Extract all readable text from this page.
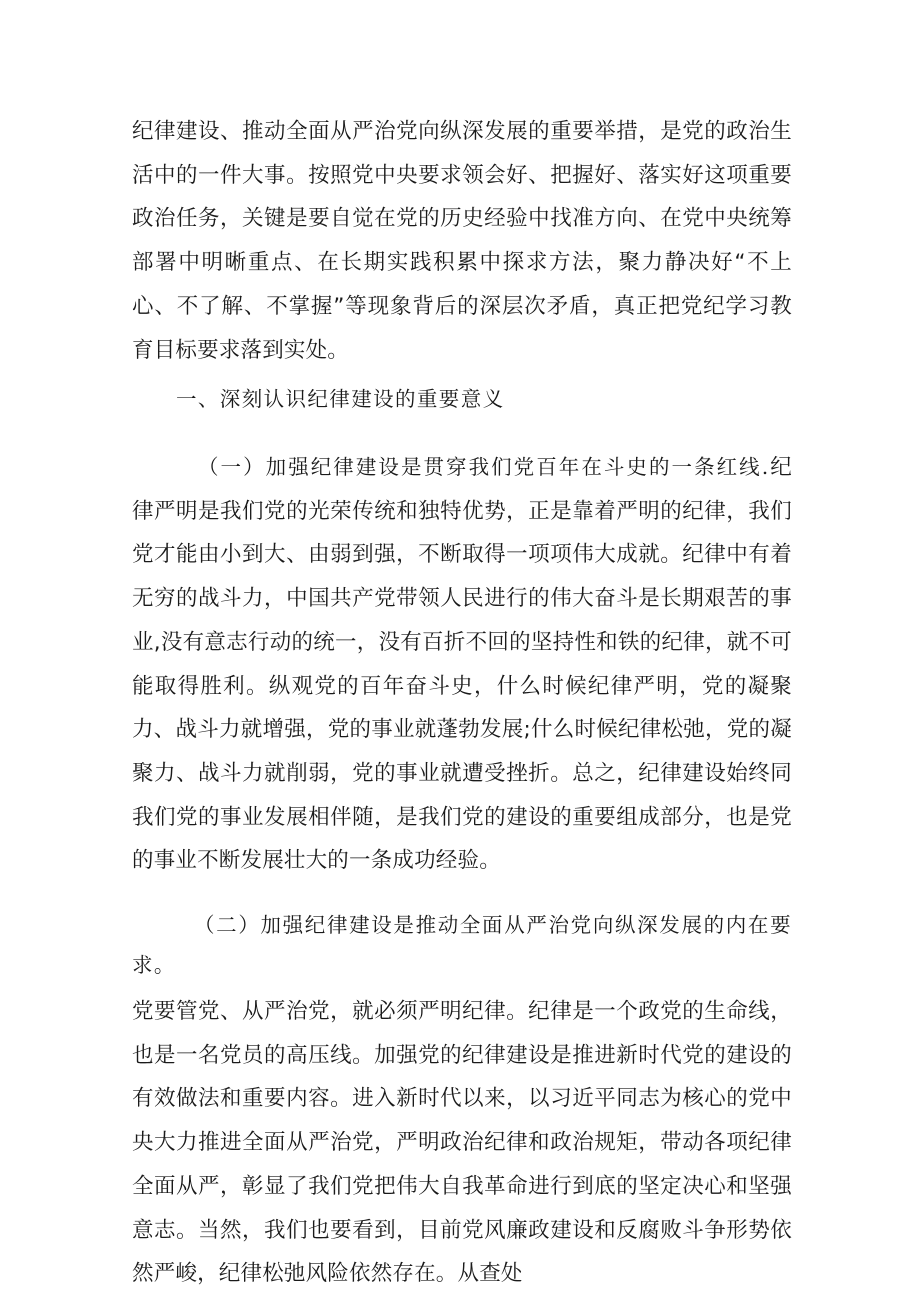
纪律建设、推动全面从严治党向纵深发展的重要举措，是党的政治生活中的一件大事。按照党中央要求领会好、把握好、落实好这项重要政治任务，关键是要自觉在党的历史经验中找准方向、在党中央统筹部署中明晰重点、在长期实践积累中探求方法，聚力静决好“不上心、不了解、不掌握”等现象背后的深层次矛盾，真正把党纪学习教育目标要求落到实处。

一、深刻认识纪律建设的重要意义

（一）加强纪律建设是贯穿我们党百年在斗史的一条红线.纪律严明是我们党的光荣传统和独特优势，正是靠着严明的纪律，我们党才能由小到大、由弱到强，不断取得一项项伟大成就。纪律中有着无穷的战斗力，中国共产党带领人民进行的伟大奋斗是长期艰苦的事业,没有意志行动的统一，没有百折不回的坚持性和铁的纪律，就不可能取得胜利。纵观党的百年奋斗史，什么时候纪律严明，党的凝聚力、战斗力就增强，党的事业就蓬勃发展;什么时候纪律松弛，党的凝聚力、战斗力就削弱，党的事业就遭受挫折。总之，纪律建设始终同我们党的事业发展相伴随，是我们党的建设的重要组成部分，也是党的事业不断发展壮大的一条成功经验。

（二）加强纪律建设是推动全面从严治党向纵深发展的内在要求。

党要管党、从严治党，就必须严明纪律。纪律是一个政党的生命线，也是一名党员的高压线。加强党的纪律建设是推进新时代党的建设的有效做法和重要内容。进入新时代以来，以习近平同志为核心的党中央大力推进全面从严治党，严明政治纪律和政治规矩，带动各项纪律全面从严，彰显了我们党把伟大自我革命进行到底的坚定决心和坚强意志。当然，我们也要看到，目前党风廉政建设和反腐败斗争形势依然严峻，纪律松弛风险依然存在。从查处
